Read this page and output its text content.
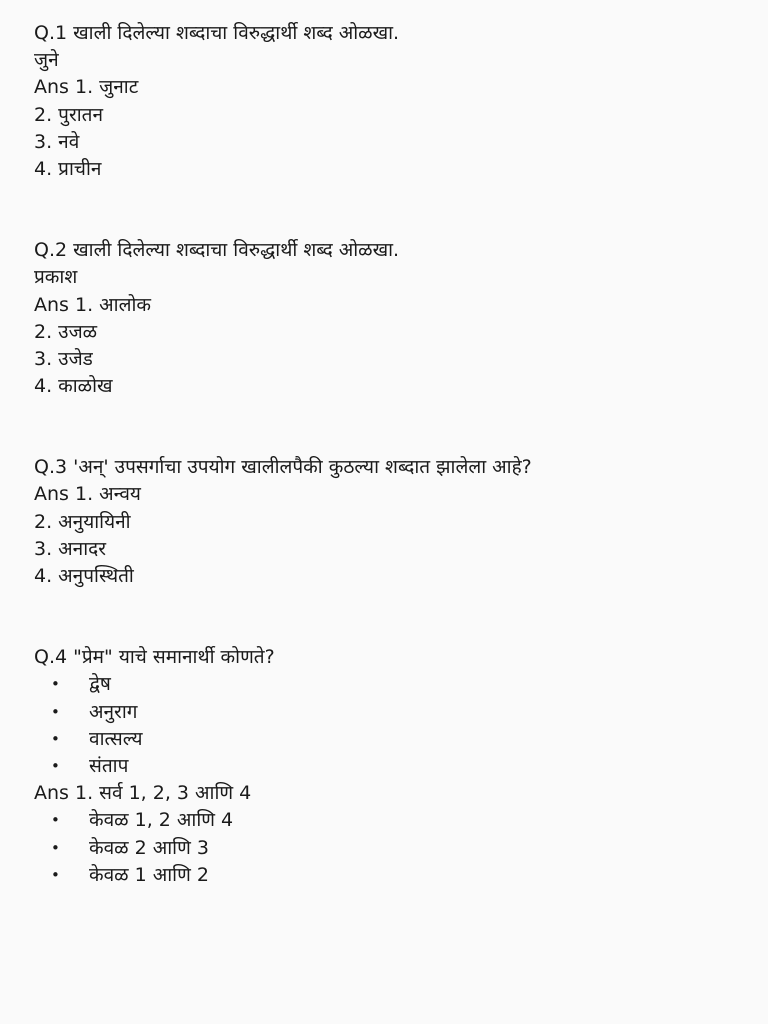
Q.1 खाली दिलेल्या शब्दाचा विरुद्धार्थी शब्द ओळखा.
जुने
Ans 1. जुनाट
2. पुरातन
3. नवे
4. प्राचीन
Q.2 खाली दिलेल्या शब्दाचा विरुद्धार्थी शब्द ओळखा.
प्रकाश
Ans 1. आलोक
2. उजळ
3. उजेड
4. काळोख
Q.3 'अन्' उपसर्गाचा उपयोग खालीलपैकी कुठल्या शब्दात झालेला आहे?
Ans 1. अन्वय
2. अनुयायिनी
3. अनादर
4. अनुपस्थिती
Q.4 "प्रेम" याचे समानार्थी कोणते?
• द्वेष
• अनुराग
• वात्सल्य
• संताप
Ans 1. सर्व 1, 2, 3 आणि 4
• केवळ 1, 2 आणि 4
• केवळ 2 आणि 3
• केवळ 1 आणि 2
